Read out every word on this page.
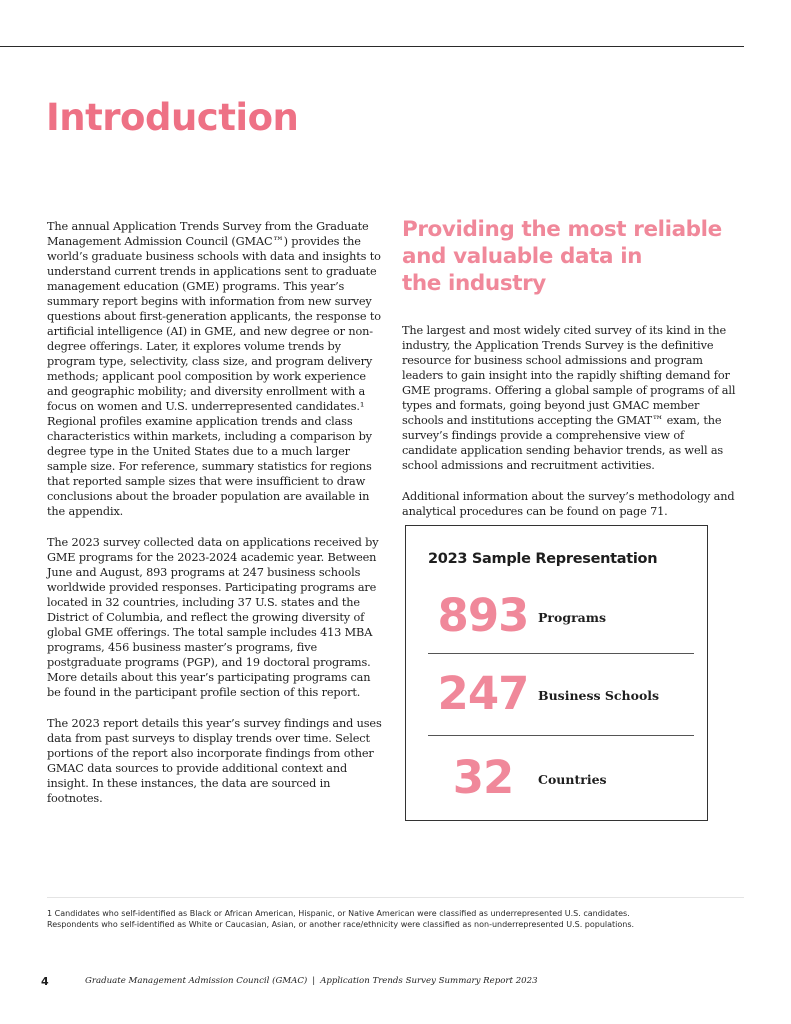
Introduction

The annual Application Trends Survey from the Graduate Management Admission Council (GMAC™) provides the world’s graduate business schools with data and insights to understand current trends in applications sent to graduate management education (GME) programs. This year’s summary report begins with information from new survey questions about first-generation applicants, the response to artificial intelligence (AI) in GME, and new degree or non-degree offerings. Later, it explores volume trends by program type, selectivity, class size, and program delivery methods; applicant pool composition by work experience and geographic mobility; and diversity enrollment with a focus on women and U.S. underrepresented candidates.¹ Regional profiles examine application trends and class characteristics within markets, including a comparison by degree type in the United States due to a much larger sample size. For reference, summary statistics for regions that reported sample sizes that were insufficient to draw conclusions about the broader population are available in the appendix.

The 2023 survey collected data on applications received by GME programs for the 2023-2024 academic year. Between June and August, 893 programs at 247 business schools worldwide provided responses. Participating programs are located in 32 countries, including 37 U.S. states and the District of Columbia, and reflect the growing diversity of global GME offerings. The total sample includes 413 MBA programs, 456 business master’s programs, five postgraduate programs (PGP), and 19 doctoral programs. More details about this year’s participating programs can be found in the participant profile section of this report.

The 2023 report details this year’s survey findings and uses data from past surveys to display trends over time. Select portions of the report also incorporate findings from other GMAC data sources to provide additional context and insight. In these instances, the data are sourced in footnotes.

Providing the most reliable
and valuable data in
the industry

The largest and most widely cited survey of its kind in the industry, the Application Trends Survey is the definitive resource for business school admissions and program leaders to gain insight into the rapidly shifting demand for GME programs. Offering a global sample of programs of all types and formats, going beyond just GMAC member schools and institutions accepting the GMAT™ exam, the survey’s findings provide a comprehensive view of candidate application sending behavior trends, as well as school admissions and recruitment activities.

Additional information about the survey’s methodology and analytical procedures can be found on page 71.

2023 Sample Representation
893 Programs
247 Business Schools
32	Countries

1 Candidates who self-identified as Black or African American, Hispanic, or Native American were classified as underrepresented U.S. candidates.
Respondents who self-identified as White or Caucasian, Asian, or another race/ethnicity were classified as non-underrepresented U.S. populations.

4	Graduate Management Admission Council (GMAC) | Application Trends Survey Summary Report 2023
